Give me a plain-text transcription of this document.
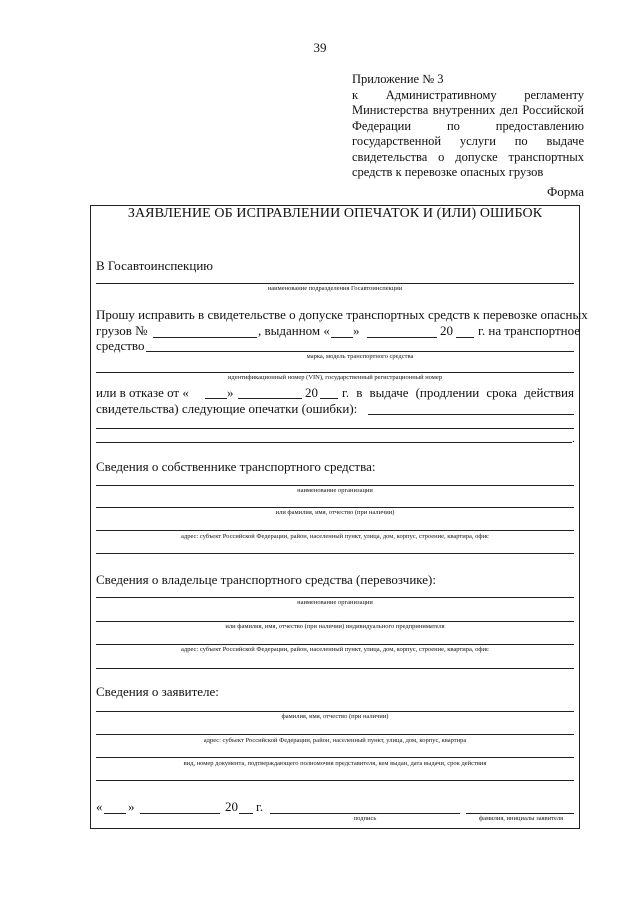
39
Приложение № 3
к Административному регламенту
Министерства внутренних дел Российской
Федерации по предоставлению
государственной услуги по выдаче
свидетельства о допуске транспортных
средств к перевозке опасных грузов
Форма
ЗАЯВЛЕНИЕ ОБ ИСПРАВЛЕНИИ ОПЕЧАТОК И (ИЛИ) ОШИБОК
В Госавтоинспекцию
наименование подразделения Госавтоинспекции
Прошу исправить в свидетельстве о допуске транспортных средств к перевозке опасных
грузов №	, выданном « »	20 г. на транспортное
средство
марка, модель транспортного средства
идентификационный номер (VIN), государственный регистрационный номер
или в отказе от «	»	20 г. в выдаче (продлении срока действия
свидетельства) следующие опечатки (ошибки):
.
Сведения о собственнике транспортного средства:
наименование организации
или фамилия, имя, отчество (при наличии)
адрес: субъект Российской Федерации, район, населенный пункт, улица, дом, корпус, строение, квартира, офис
Сведения о владельце транспортного средства (перевозчике):
наименование организации
или фамилия, имя, отчество (при наличии) индивидуального предпринимателя
адрес: субъект Российской Федерации, район, населенный пункт, улица, дом, корпус, строение, квартира, офис
Сведения о заявителе:
фамилия, имя, отчество (при наличии)
адрес: субъект Российской Федерации, район, населенный пункт, улица, дом, корпус, квартира
вид, номер документа, подтверждающего полномочия представителя, кем выдан, дата выдачи, срок действия
« »	20 г.
подпись	фамилия, инициалы заявителя
